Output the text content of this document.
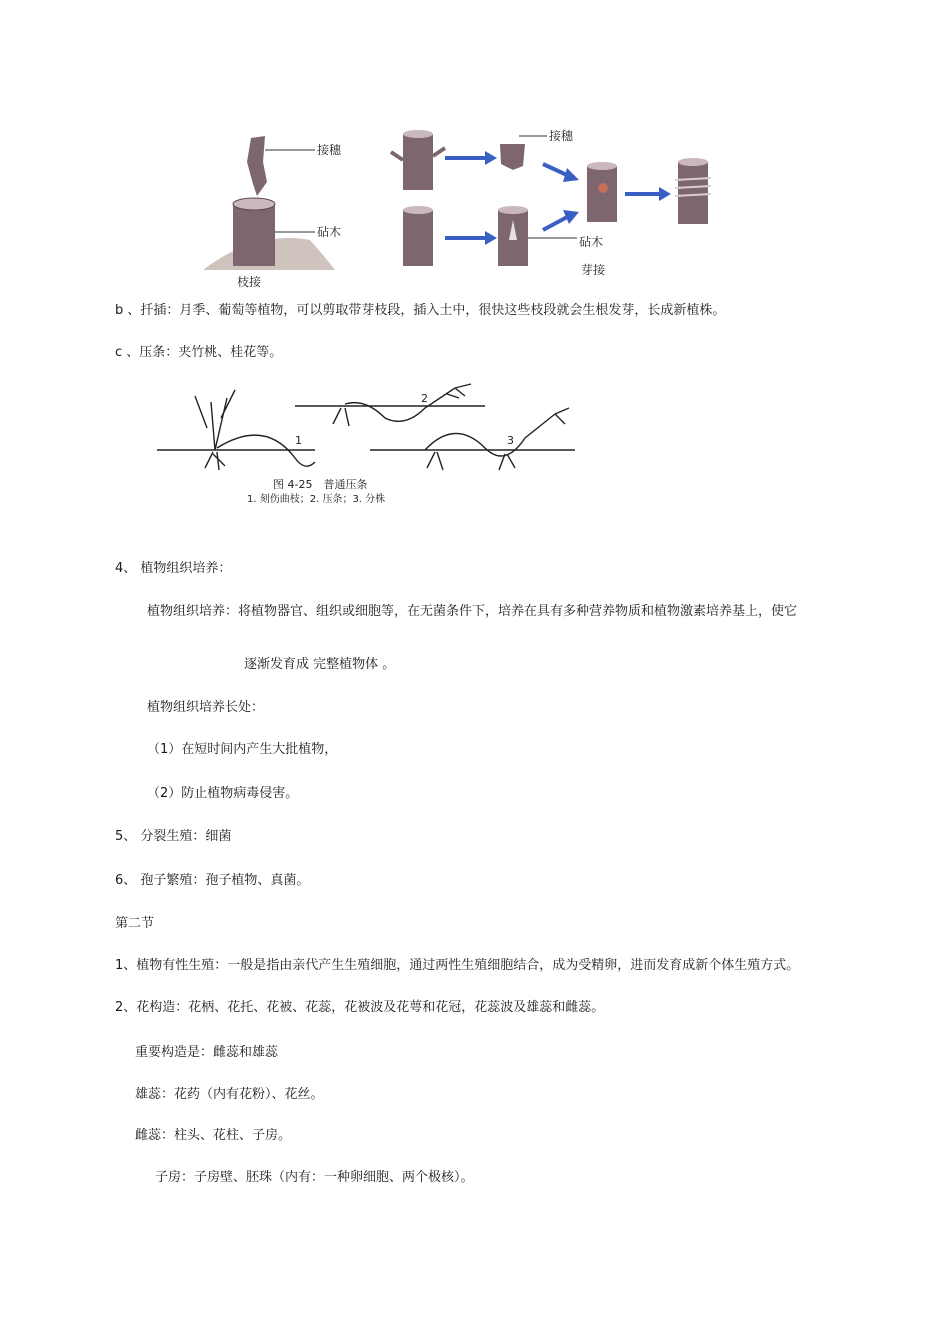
接穗
砧木
枝接
接穗
砧木
芽接
b 、扦插：月季、葡萄等植物，可以剪取带芽枝段，插入土中，很快这些枝段就会生根发芽，长成新植株。
c 、压条：夹竹桃、桂花等。
1
2
3
图 4-25　普通压条
1. 刻伤曲枝；2. 压条；3. 分株
4、 植物组织培养：
植物组织培养：将植物器官、组织或细胞等，在无菌条件下，培养在具有多种营养物质和植物激素培养基上，使它
逐渐发育成 完整植物体 。
植物组织培养长处：
（1）在短时间内产生大批植物，
（2）防止植物病毒侵害。
5、 分裂生殖：细菌
6、 孢子繁殖：孢子植物、真菌。
第二节
1、植物有性生殖：一般是指由亲代产生生殖细胞，通过两性生殖细胞结合，成为受精卵，进而发育成新个体生殖方式。
2、花构造：花柄、花托、花被、花蕊，花被波及花萼和花冠，花蕊波及雄蕊和雌蕊。
重要构造是：雌蕊和雄蕊
雄蕊：花药（内有花粉）、花丝。
雌蕊：柱头、花柱、子房。
子房：子房壁、胚珠（内有：一种卵细胞、两个极核）。
